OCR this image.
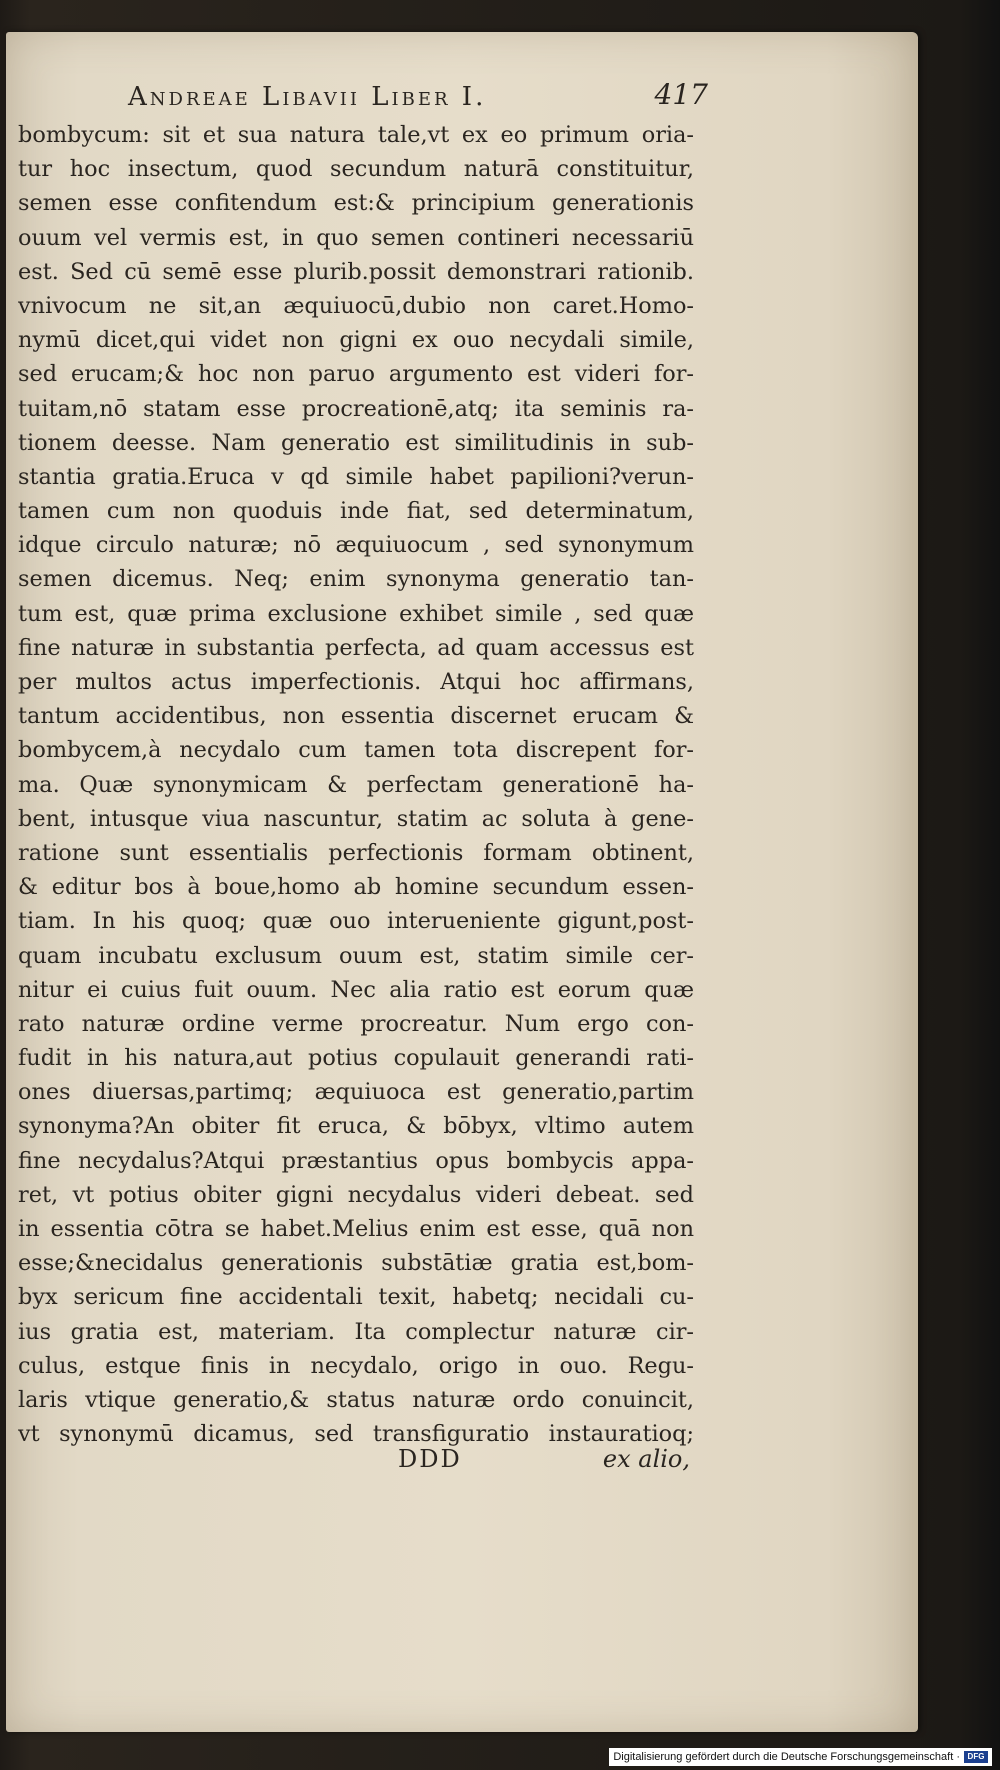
Andreae Libavii Liber I.	417
bombycum: sit et sua natura tale,vt ex eo primum oria-
tur hoc insectum, quod secundum naturā constituitur,
semen esse confitendum est:& principium generationis
ouum vel vermis est, in quo semen contineri necessariū
est. Sed cū semē esse plurib.possit demonstrari rationib.
vnivocum ne sit,an æquiuocū,dubio non caret.Homo-
nymū dicet,qui videt non gigni ex ouo necydali simile,
sed erucam;& hoc non paruo argumento est videri for-
tuitam,nō statam esse procreationē,atq; ita seminis ra-
tionem deesse. Nam generatio est similitudinis in sub-
stantia gratia.Eruca v qd simile habet papilioni?verun-
tamen cum non quoduis inde fiat, sed determinatum,
idque circulo naturæ; nō æquiuocum , sed synonymum
semen dicemus. Neq; enim synonyma generatio tan-
tum est, quæ prima exclusione exhibet simile , sed quæ
fine naturæ in substantia perfecta, ad quam accessus est
per multos actus imperfectionis. Atqui hoc affirmans,
tantum accidentibus, non essentia discernet erucam &
bombycem,à necydalo cum tamen tota discrepent for-
ma. Quæ synonymicam & perfectam generationē ha-
bent, intusque viua nascuntur, statim ac soluta à gene-
ratione sunt essentialis perfectionis formam obtinent,
& editur bos à boue,homo ab homine secundum essen-
tiam. In his quoq; quæ ouo interueniente gigunt,post-
quam incubatu exclusum ouum est, statim simile cer-
nitur ei cuius fuit ouum. Nec alia ratio est eorum quæ
rato naturæ ordine verme procreatur. Num ergo con-
fudit in his natura,aut potius copulauit generandi rati-
ones diuersas,partimq; æquiuoca est generatio,partim
synonyma?An obiter fit eruca, & bōbyx, vltimo autem
fine necydalus?Atqui præstantius opus bombycis appa-
ret, vt potius obiter gigni necydalus videri debeat. sed
in essentia cōtra se habet.Melius enim est esse, quā non
esse;&necidalus generationis substātiæ gratia est,bom-
byx sericum fine accidentali texit, habetq; necidali cu-
ius gratia est, materiam. Ita complectur naturæ cir-
culus, estque finis in necydalo, origo in ouo. Regu-
laris vtique generatio,& status naturæ ordo conuincit,
vt synonymū dicamus, sed transfiguratio instauratioq;
DDD	ex alio,
Digitalisierung gefördert durch die Deutsche Forschungsgemeinschaft · DFG
